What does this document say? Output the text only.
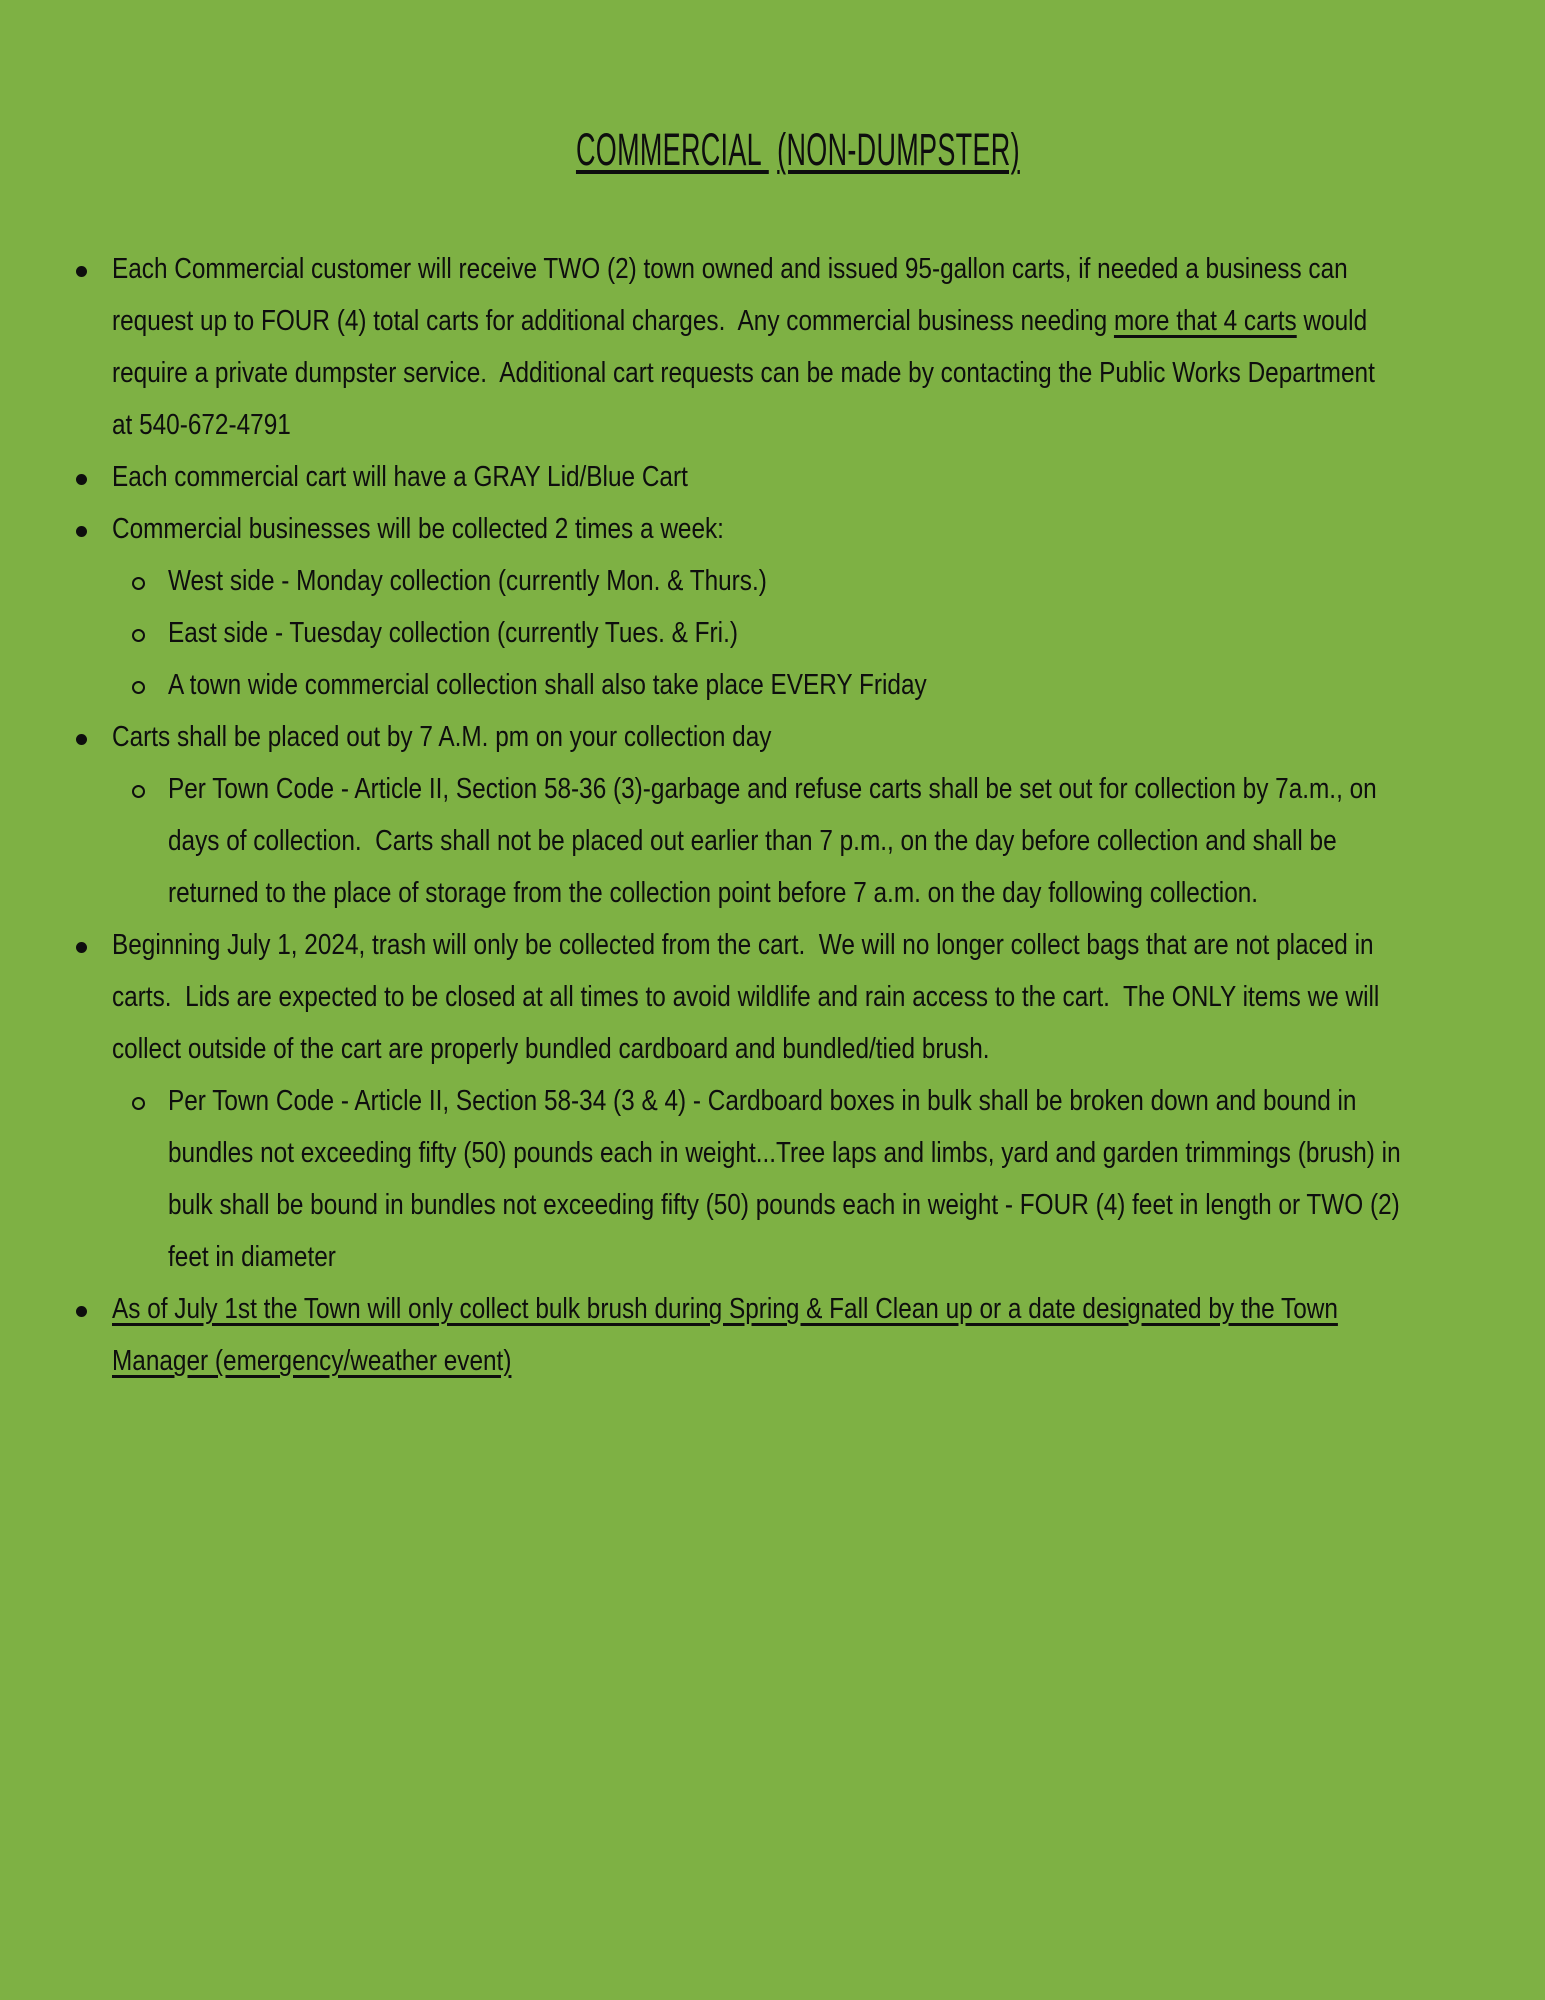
COMMERCIAL (NON-DUMPSTER)

Each Commercial customer will receive TWO (2) town owned and issued 95-gallon carts, if needed a business can
request up to FOUR (4) total carts for additional charges.  Any commercial business needing more that 4 carts would
require a private dumpster service.  Additional cart requests can be made by contacting the Public Works Department
at 540-672-4791
Each commercial cart will have a GRAY Lid/Blue Cart
Commercial businesses will be collected 2 times a week:
West side - Monday collection (currently Mon. & Thurs.)
East side - Tuesday collection (currently Tues. & Fri.)
A town wide commercial collection shall also take place EVERY Friday
Carts shall be placed out by 7 A.M. pm on your collection day
Per Town Code - Article II, Section 58-36 (3)-garbage and refuse carts shall be set out for collection by 7a.m., on
days of collection.  Carts shall not be placed out earlier than 7 p.m., on the day before collection and shall be
returned to the place of storage from the collection point before 7 a.m. on the day following collection.
Beginning July 1, 2024, trash will only be collected from the cart.  We will no longer collect bags that are not placed in
carts.  Lids are expected to be closed at all times to avoid wildlife and rain access to the cart.  The ONLY items we will
collect outside of the cart are properly bundled cardboard and bundled/tied brush.
Per Town Code - Article II, Section 58-34 (3 & 4) - Cardboard boxes in bulk shall be broken down and bound in
bundles not exceeding fifty (50) pounds each in weight...Tree laps and limbs, yard and garden trimmings (brush) in
bulk shall be bound in bundles not exceeding fifty (50) pounds each in weight - FOUR (4) feet in length or TWO (2)
feet in diameter
As of July 1st the Town will only collect bulk brush during Spring & Fall Clean up or a date designated by the Town
Manager (emergency/weather event)
